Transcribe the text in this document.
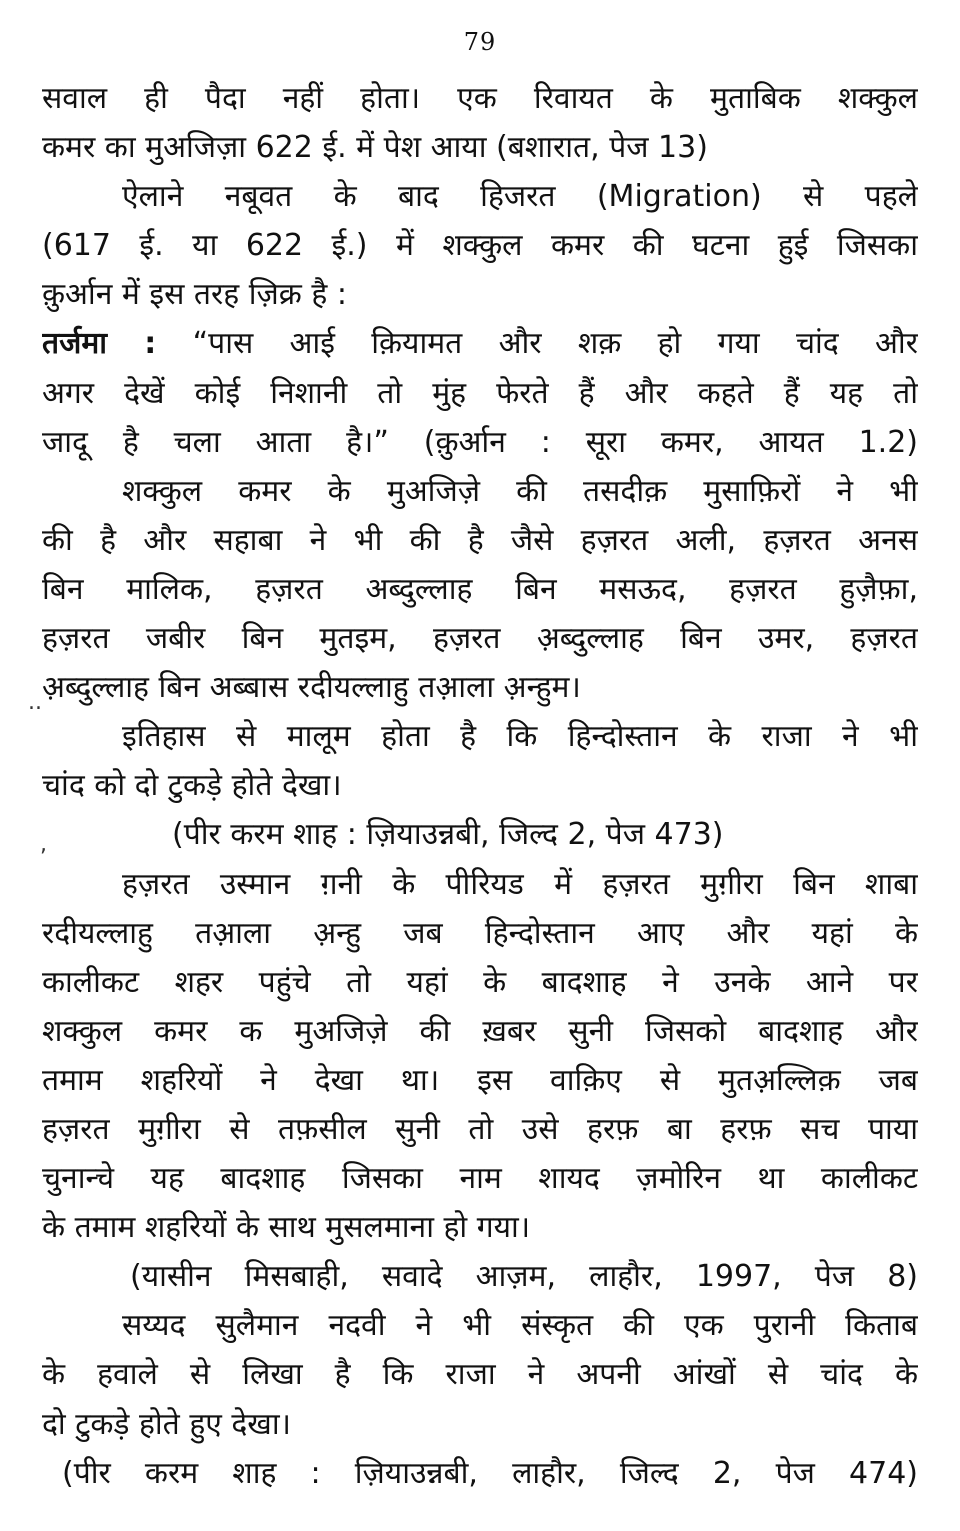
79
सवाल ही पैदा नहीं होता। एक रिवायत के मुताबिक शक्कुल
कमर का मुअजिज़ा 622 ई. में पेश आया (बशारात, पेज 13)
ऐलाने नबूवत के बाद हिजरत (Migration) से पहले
(617 ई. या 622 ई.) में शक्कुल कमर की घटना हुई जिसका
क़ुर्आन में इस तरह ज़िक्र है :
तर्जमा : “पास आई क़ियामत और शक़ हो गया चांद और
अगर देखें कोई निशानी तो मुंह फेरते हैं और कहते हैं यह तो
जादू है चला आता है।” (क़ुर्आन : सूरा कमर, आयत 1.2)
शक्कुल कमर के मुअजिज़े की तसदीक़ मुसाफ़िरों ने भी
की है और सहाबा ने भी की है जैसे हज़रत अली, हज़रत अनस
बिन मालिक, हज़रत अब्दुल्लाह बिन मसऊद, हज़रत हुज़ैफ़ा,
हज़रत जबीर बिन मुतइम, हज़रत अ़ब्दुल्लाह बिन उमर, हज़रत
अ़ब्दुल्लाह बिन अब्बास रदीयल्लाहु तआ़ला अ़न्हुम।
इतिहास से मालूम होता है कि हिन्दोस्तान के राजा ने भी
चांद को दो टुकड़े होते देखा।
(पीर करम शाह : ज़ियाउन्नबी, जिल्द 2, पेज 473)
हज़रत उस्मान ग़नी के पीरियड में हज़रत मुग़ीरा बिन शाबा
रदीयल्लाहु तआ़ला अ़न्हु जब हिन्दोस्तान आए और यहां के
कालीकट शहर पहुंचे तो यहां के बादशाह ने उनके आने पर
शक्कुल कमर क मुअजिज़े की ख़बर सुनी जिसको बादशाह और
तमाम शहरियों ने देखा था। इस वाक़िए से मुतअ़ल्लिक़ जब
हज़रत मुग़ीरा से तफ़सील सुनी तो उसे हरफ़ बा हरफ़ सच पाया
चुनान्चे यह बादशाह जिसका नाम शायद ज़मोरिन था कालीकट
के तमाम शहरियों के साथ मुसलमाना हो गया।
(यासीन मिसबाही, सवादे आज़म, लाहौर, 1997, पेज 8)
सय्यद सुलैमान नदवी ने भी संस्कृत की एक पुरानी किताब
के हवाले से लिखा है कि राजा ने अपनी आंखों से चांद के
दो टुकड़े होते हुए देखा।
(पीर करम शाह : ज़ियाउन्नबी, लाहौर, जिल्द 2, पेज 474)
..
,
